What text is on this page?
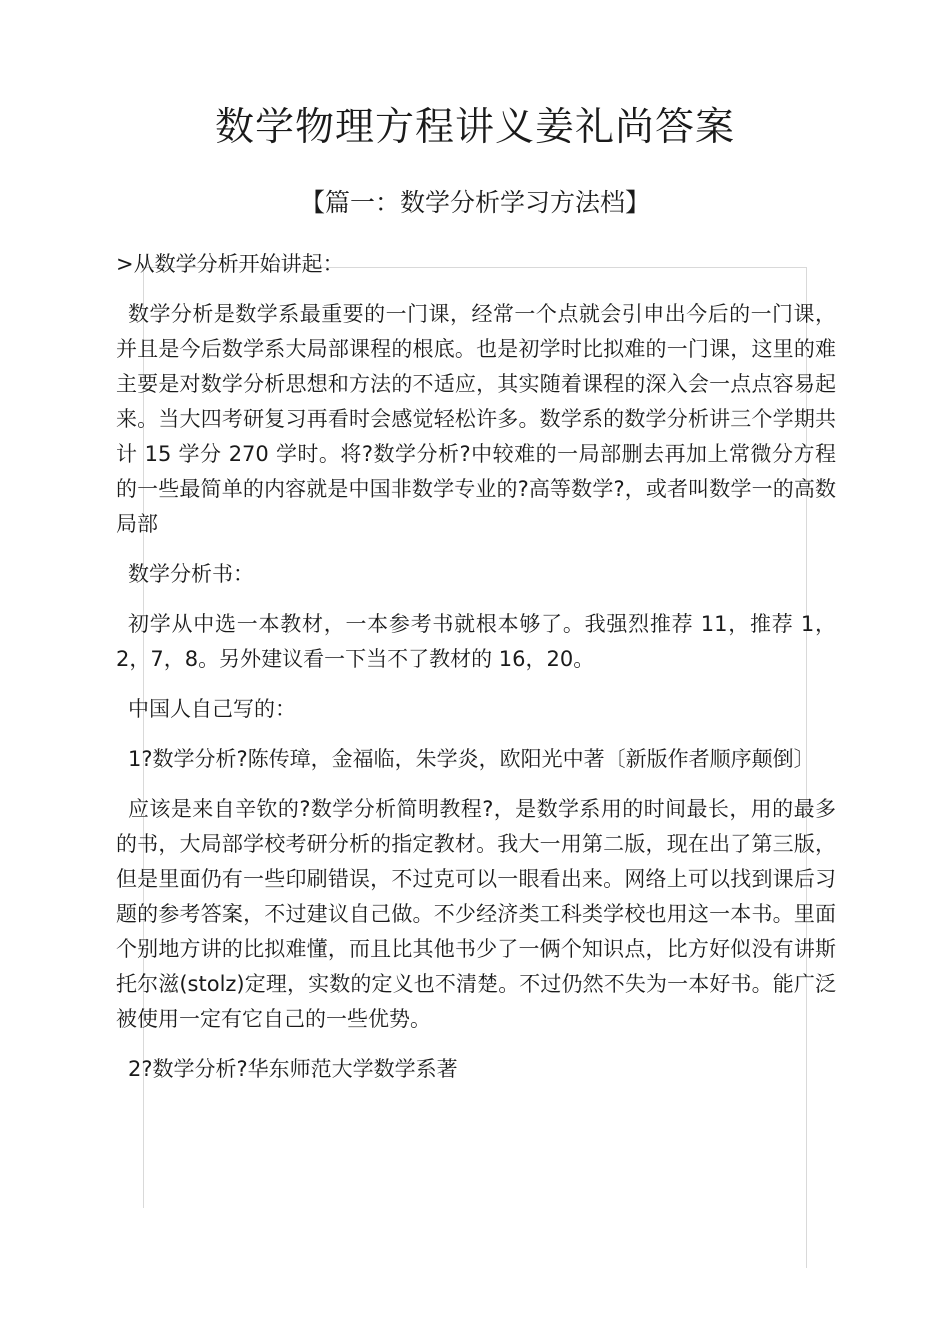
数学物理方程讲义姜礼尚答案
【篇一：数学分析学习方法档】

>从数学分析开始讲起：

数学分析是数学系最重要的一门课，经常一个点就会引申出今后的一门课，并且是今后数学系大局部课程的根底。也是初学时比拟难的一门课，这里的难主要是对数学分析思想和方法的不适应，其实随着课程的深入会一点点容易起来。当大四考研复习再看时会感觉轻松许多。数学系的数学分析讲三个学期共计 15 学分 270 学时。将?数学分析?中较难的一局部删去再加上常微分方程的一些最简单的内容就是中国非数学专业的?高等数学?，或者叫数学一的高数局部

数学分析书：

初学从中选一本教材，一本参考书就根本够了。我强烈推荐 11，推荐 1，2，7，8。另外建议看一下当不了教材的 16，20。

中国人自己写的：

1?数学分析?陈传璋，金福临，朱学炎，欧阳光中著〔新版作者顺序颠倒〕

应该是来自辛钦的?数学分析简明教程?，是数学系用的时间最长，用的最多的书，大局部学校考研分析的指定教材。我大一用第二版，现在出了第三版，但是里面仍有一些印刷错误，不过克可以一眼看出来。网络上可以找到课后习题的参考答案，不过建议自己做。不少经济类工科类学校也用这一本书。里面个别地方讲的比拟难懂，而且比其他书少了一俩个知识点，比方好似没有讲斯托尔滋(stolz)定理，实数的定义也不清楚。不过仍然不失为一本好书。能广泛被使用一定有它自己的一些优势。

2?数学分析?华东师范大学数学系著
